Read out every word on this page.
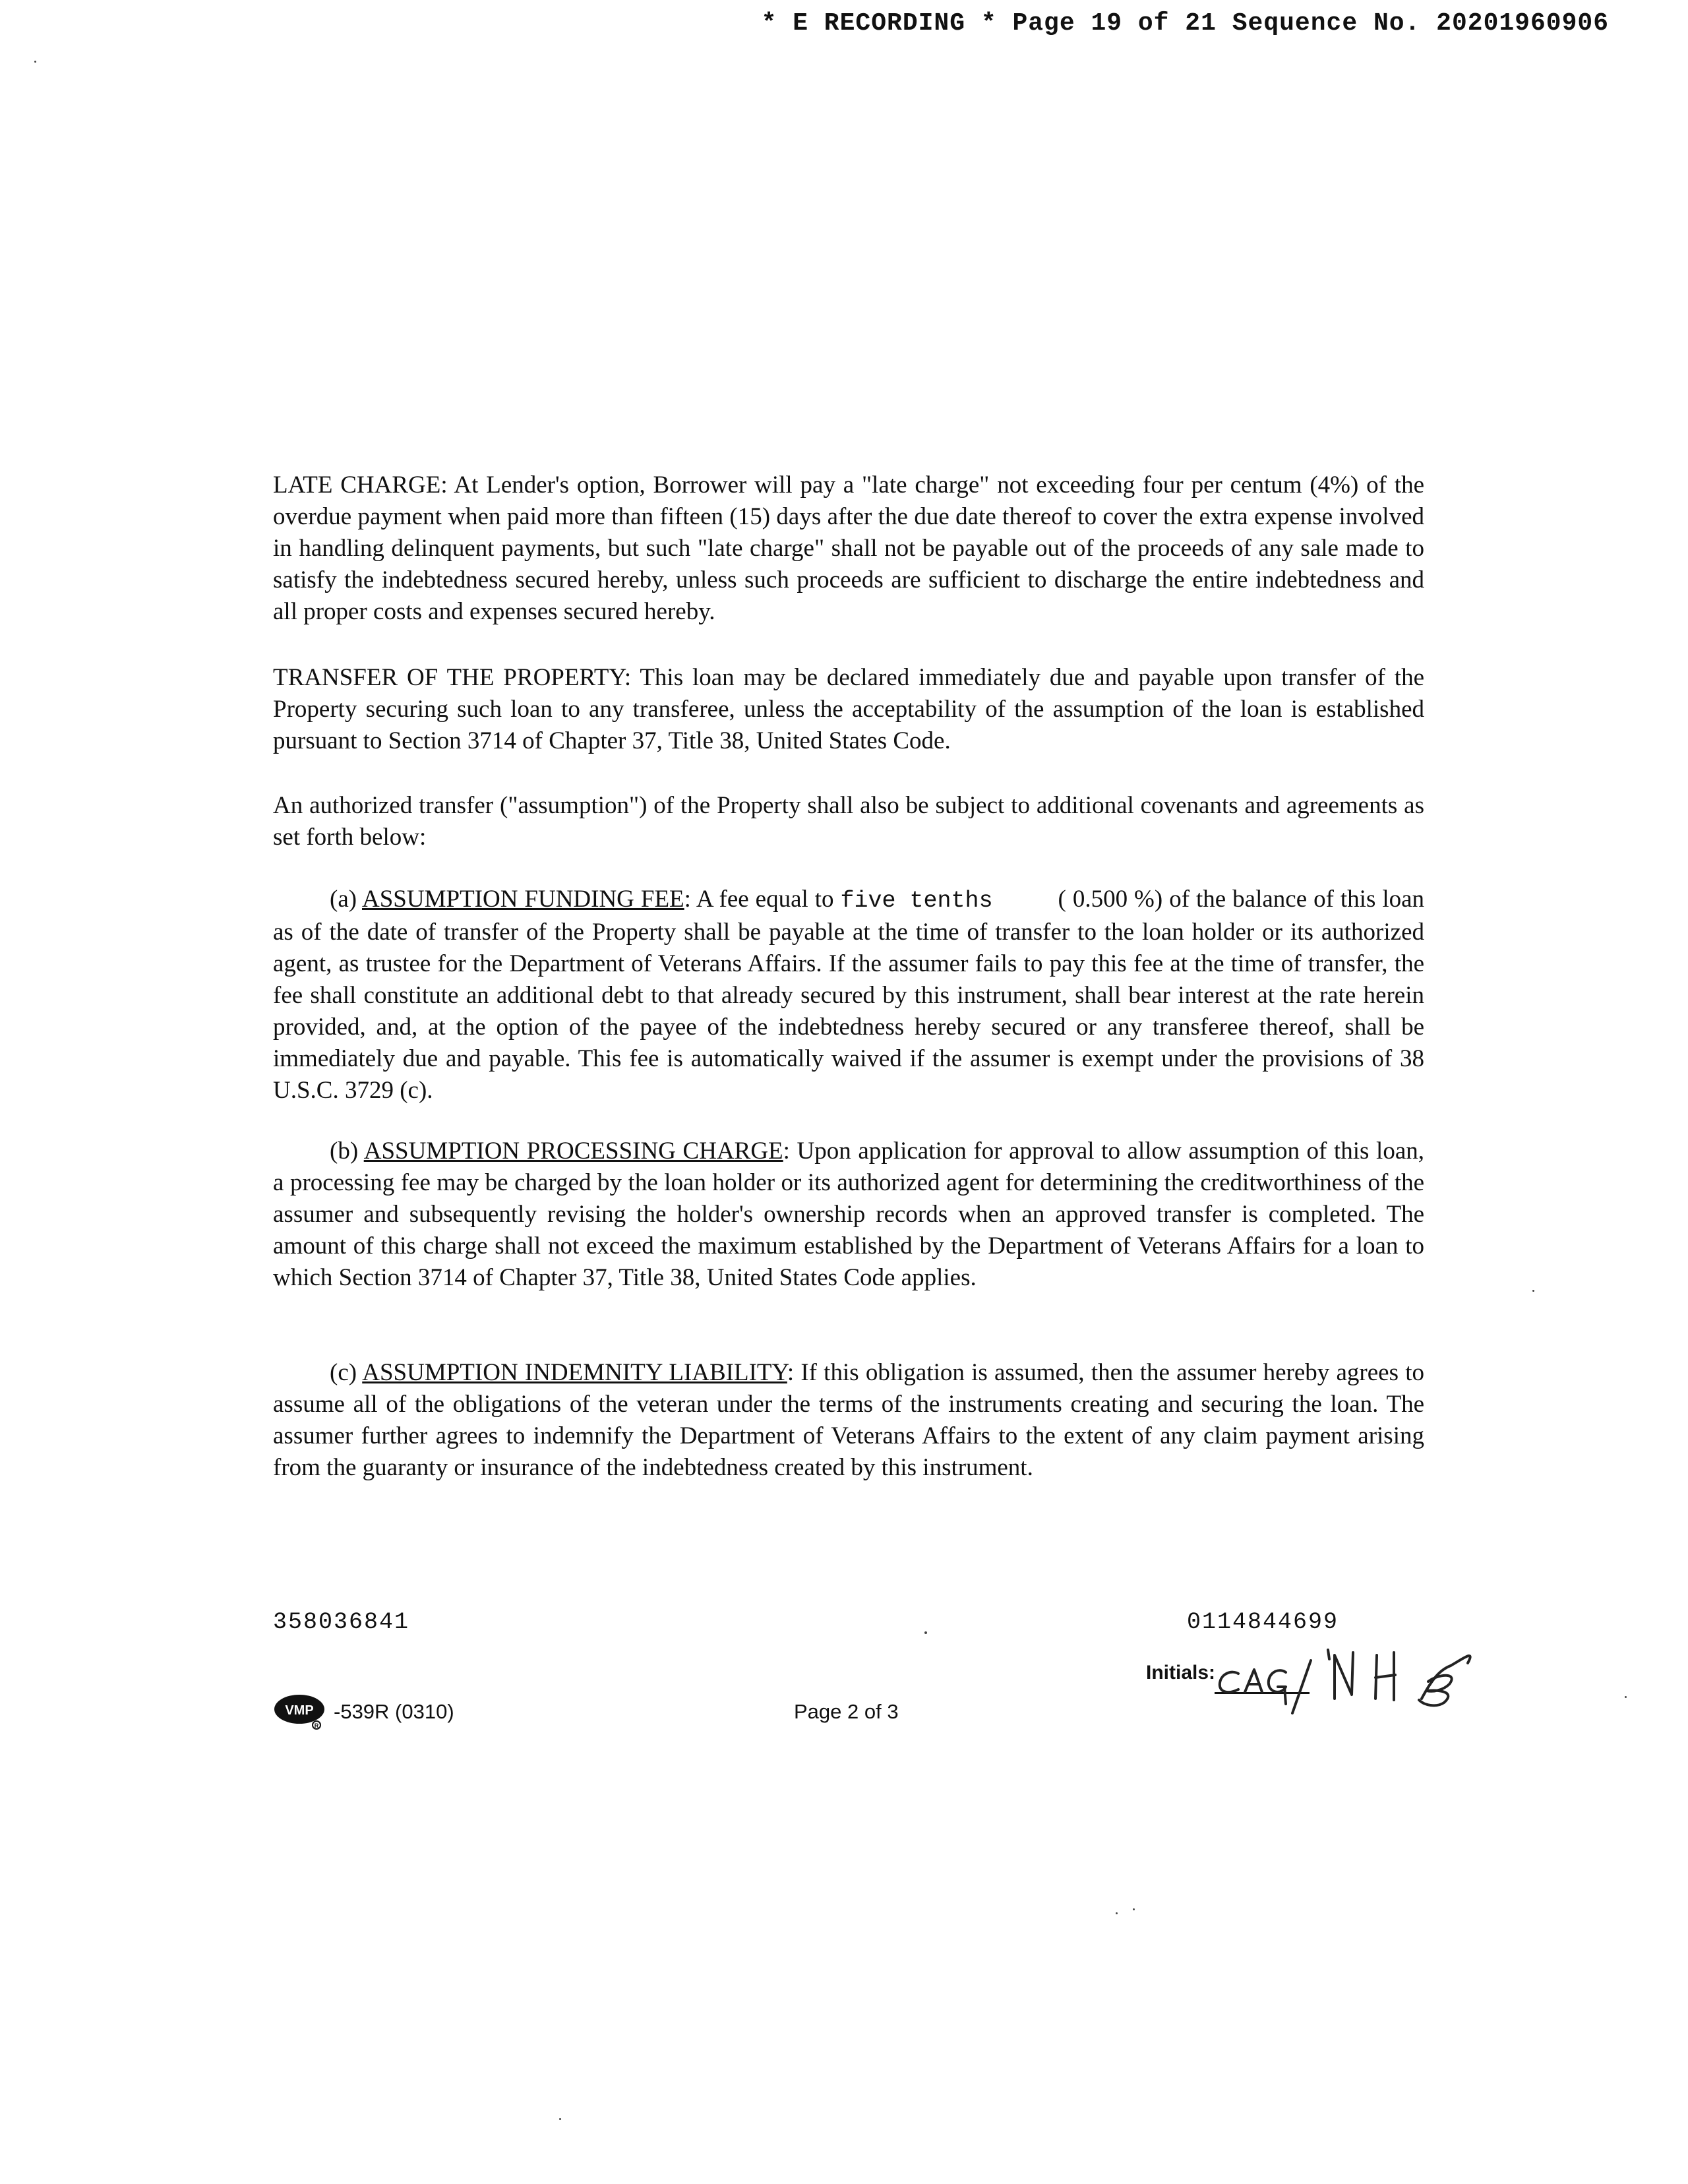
* E RECORDING * Page 19 of 21 Sequence No. 20201960906

LATE CHARGE: At Lender's option, Borrower will pay a "late charge" not exceeding four per centum (4%) of the overdue payment when paid more than fifteen (15) days after the due date thereof to cover the extra expense involved in handling delinquent payments, but such "late charge" shall not be payable out of the proceeds of any sale made to satisfy the indebtedness secured hereby, unless such proceeds are sufficient to discharge the entire indebtedness and all proper costs and expenses secured hereby.

TRANSFER OF THE PROPERTY: This loan may be declared immediately due and payable upon transfer of the Property securing such loan to any transferee, unless the acceptability of the assumption of the loan is established pursuant to Section 3714 of Chapter 37, Title 38, United States Code.

An authorized transfer ("assumption") of the Property shall also be subject to additional covenants and agreements as set forth below:

(a) ASSUMPTION FUNDING FEE: A fee equal to five tenths	( 0.500 %) of the balance of this loan as of the date of transfer of the Property shall be payable at the time of transfer to the loan holder or its authorized agent, as trustee for the Department of Veterans Affairs. If the assumer fails to pay this fee at the time of transfer, the fee shall constitute an additional debt to that already secured by this instrument, shall bear interest at the rate herein provided, and, at the option of the payee of the indebtedness hereby secured or any transferee thereof, shall be immediately due and payable. This fee is automatically waived if the assumer is exempt under the provisions of 38 U.S.C. 3729 (c).

(b) ASSUMPTION PROCESSING CHARGE: Upon application for approval to allow assumption of this loan, a processing fee may be charged by the loan holder or its authorized agent for determining the creditworthiness of the assumer and subsequently revising the holder's ownership records when an approved transfer is completed. The amount of this charge shall not exceed the maximum established by the Department of Veterans Affairs for a loan to which Section 3714 of Chapter 37, Title 38, United States Code applies.

(c) ASSUMPTION INDEMNITY LIABILITY: If this obligation is assumed, then the assumer hereby agrees to assume all of the obligations of the veteran under the terms of the instruments creating and securing the loan. The assumer further agrees to indemnify the Department of Veterans Affairs to the extent of any claim payment arising from the guaranty or insurance of the indebtedness created by this instrument.

358036841	0114844699
Initials:
VMP
R
-539R (0310)	Page 2 of 3
